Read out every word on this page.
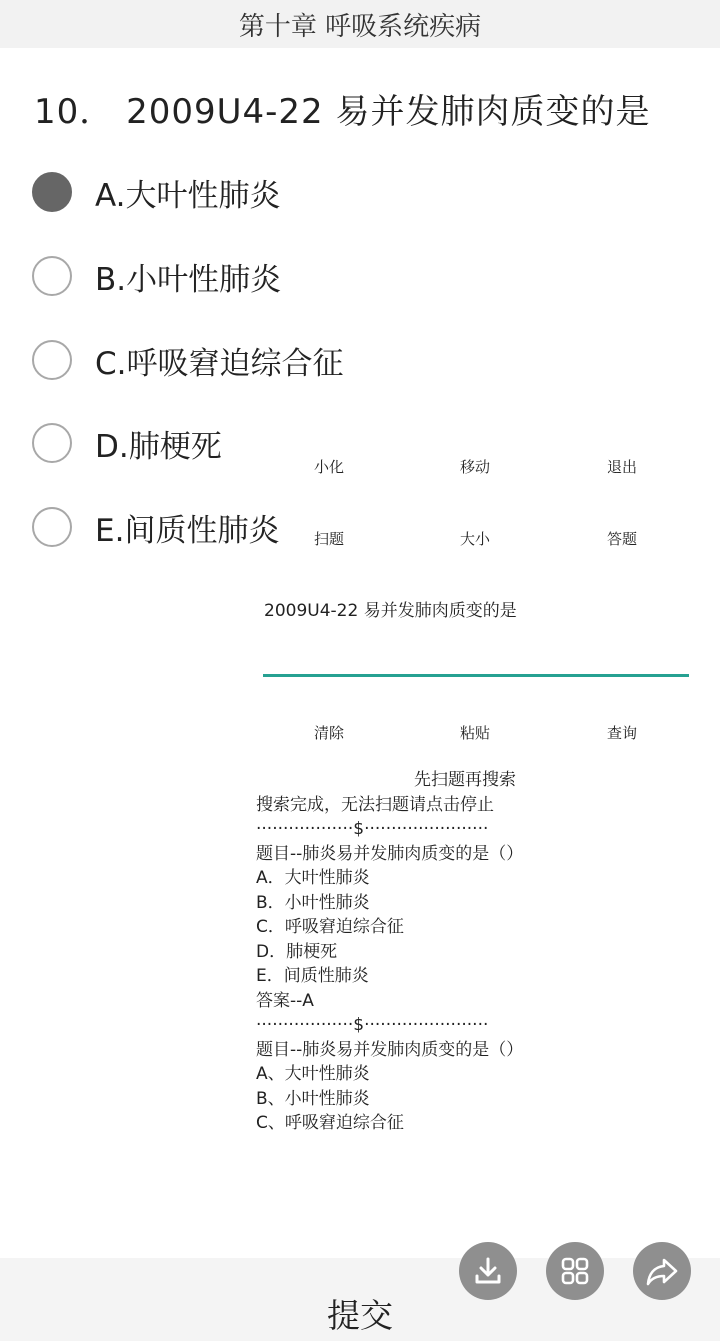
第十章 呼吸系统疾病
10． 2009U4-22 易并发肺肉质变的是
A.大叶性肺炎
B.小叶性肺炎
C.呼吸窘迫综合征
D.肺梗死
E.间质性肺炎
小化	移动	退出
扫题	大小	答题
2009U4-22 易并发肺肉质变的是
清除	粘贴	查询
先扫题再搜索
搜索完成，无法扫题请点击停止
··················$·······················
题目--肺炎易并发肺肉质变的是（）
A．大叶性肺炎
B．小叶性肺炎
C．呼吸窘迫综合征
D．肺梗死
E．间质性肺炎
答案--A
··················$·······················
题目--肺炎易并发肺肉质变的是（）
A、大叶性肺炎
B、小叶性肺炎
C、呼吸窘迫综合征
提交
